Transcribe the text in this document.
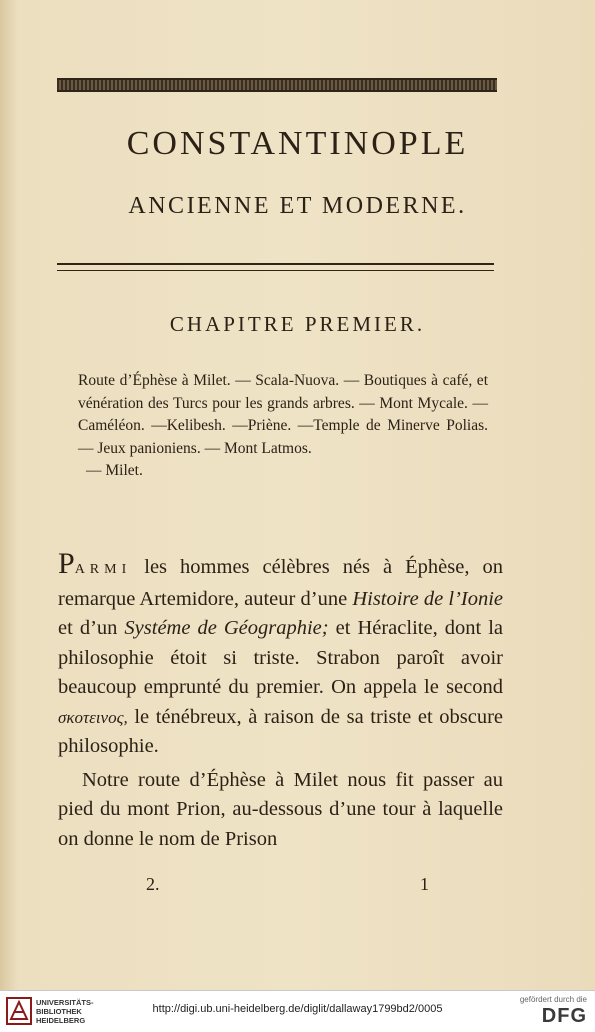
CONSTANTINOPLE
ANCIENNE ET MODERNE.
CHAPITRE PREMIER.
Route d’Éphèse à Milet. — Scala-Nuova. — Boutiques à café, et vénération des Turcs pour les grands arbres. — Mont Mycale. — Caméléon. —Kelibesh. —Priène. —Temple de Minerve Polias. — Jeux panioniens. — Mont Latmos.
— Milet.

PARMI les hommes célèbres nés à Éphèse, on remarque Artemidore, auteur d’une Histoire de l’Ionie et d’un Systéme de Géographie; et Héraclite, dont la philosophie étoit si triste. Strabon paroît avoir beaucoup emprunté du premier. On appela le second σκοτεινος, le ténébreux, à raison de sa triste et obscure philosophie.

Notre route d’Éphèse à Milet nous fit passer au pied du mont Prion, au-dessous d’une tour à laquelle on donne le nom de Prison

2.	1
UNIVERSITÄTS-
BIBLIOTHEK
HEIDELBERG
http://digi.ub.uni-heidelberg.de/diglit/dallaway1799bd2/0005
gefördert durch die
DFG
